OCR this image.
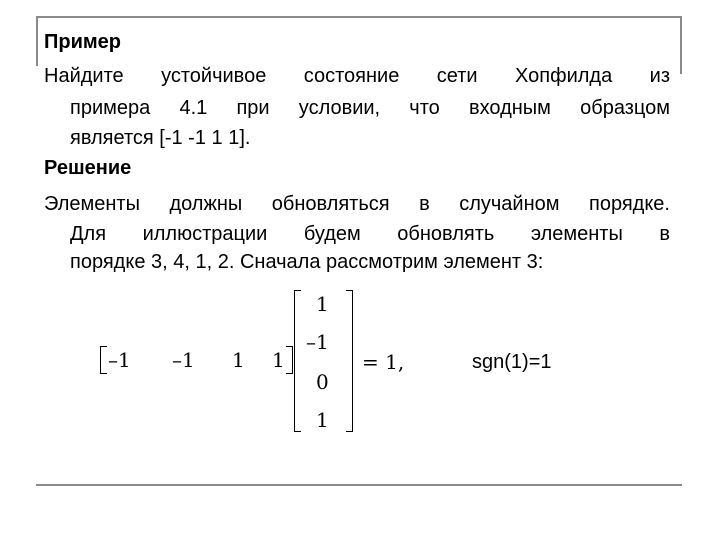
Пример
Найдите устойчивое состояние сети Хопфилда из
примера 4.1 при условии, что входным образцом
является [-1 -1 1 1].
Решение
Элементы должны обновляться в случайном порядке.
Для иллюстрации будем обновлять элементы в
порядке 3, 4, 1, 2. Сначала рассмотрим элемент 3:
–1 –1 1 1
1
–1
0
1
= 1,	sgn(1)=1
